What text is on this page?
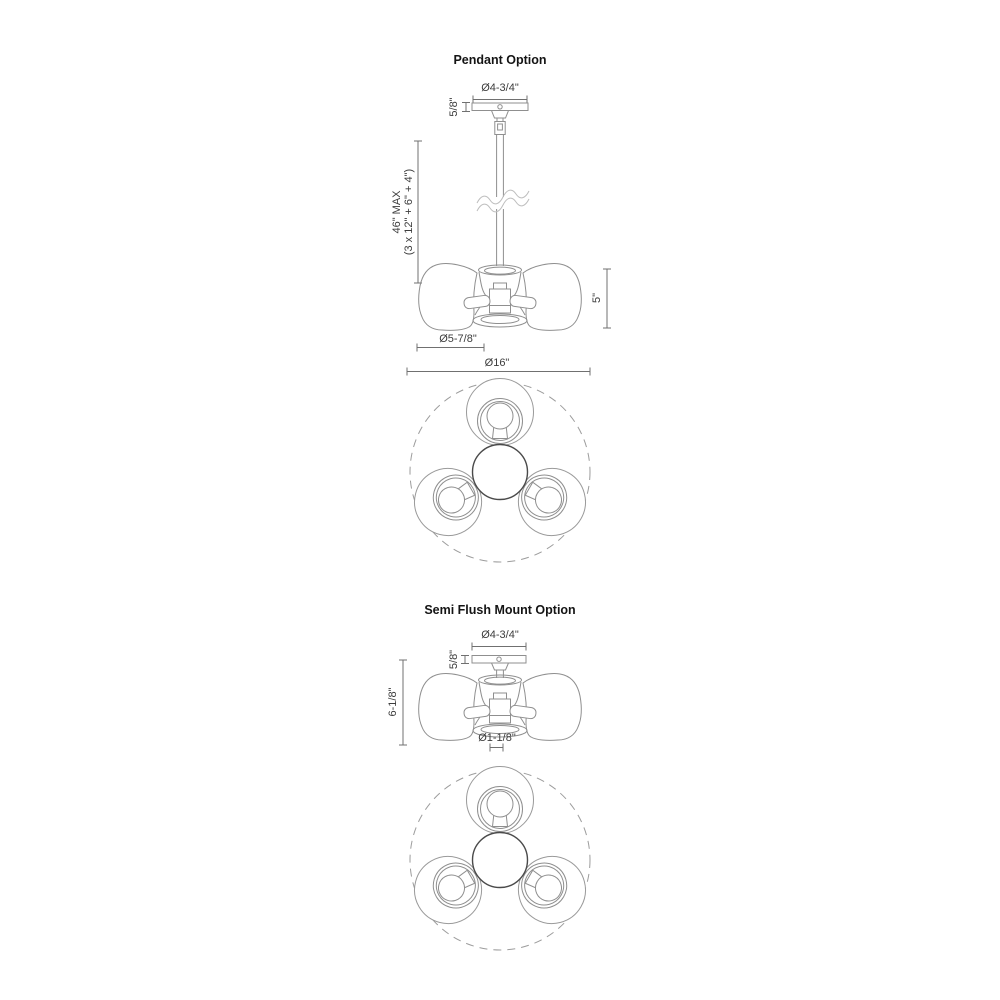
Pendant Option
Ø4-3/4"
5/8"
46" MAX (3 x 12" + 6" + 4")
5"
Ø5-7/8"
Ø16"
Semi Flush Mount Option
Ø4-3/4"
5/8"
6-1/8"
Ø1-1/8"
